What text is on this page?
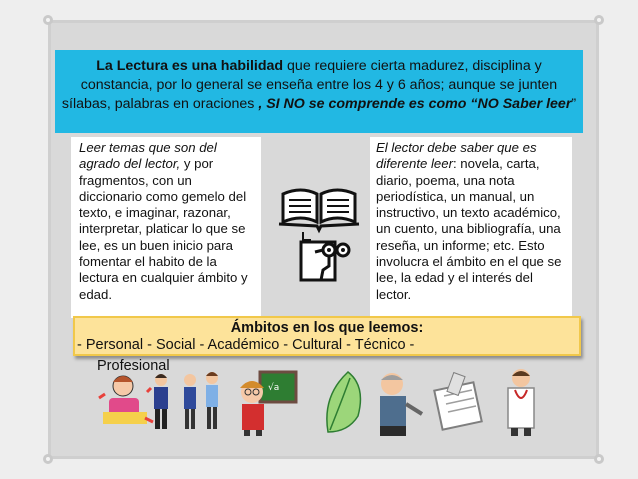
La Lectura es una habilidad que requiere cierta madurez, disciplina y constancia, por lo general se enseña entre los 4 y 6 años; aunque se junten sílabas, palabras en oraciones , SI NO se comprende es como “NO Saber leer”
Leer temas que son del agrado del lector, y por fragmentos, con un diccionario como gemelo del texto, e imaginar, razonar, interpretar, platicar lo que se lee, es un buen inicio para fomentar el habito de la lectura en cualquier ámbito y edad.
El lector debe saber que es diferente leer: novela, carta, diario, poema, una nota periodística, un manual, un instructivo, un texto académico, un cuento, una bibliografía, una reseña, un informe; etc. Esto involucra el ámbito en el que se lee, la edad y el interés del lector.
Ámbitos en los que leemos:
- Personal - Social - Académico - Cultural - Técnico -
Profesional
√a
